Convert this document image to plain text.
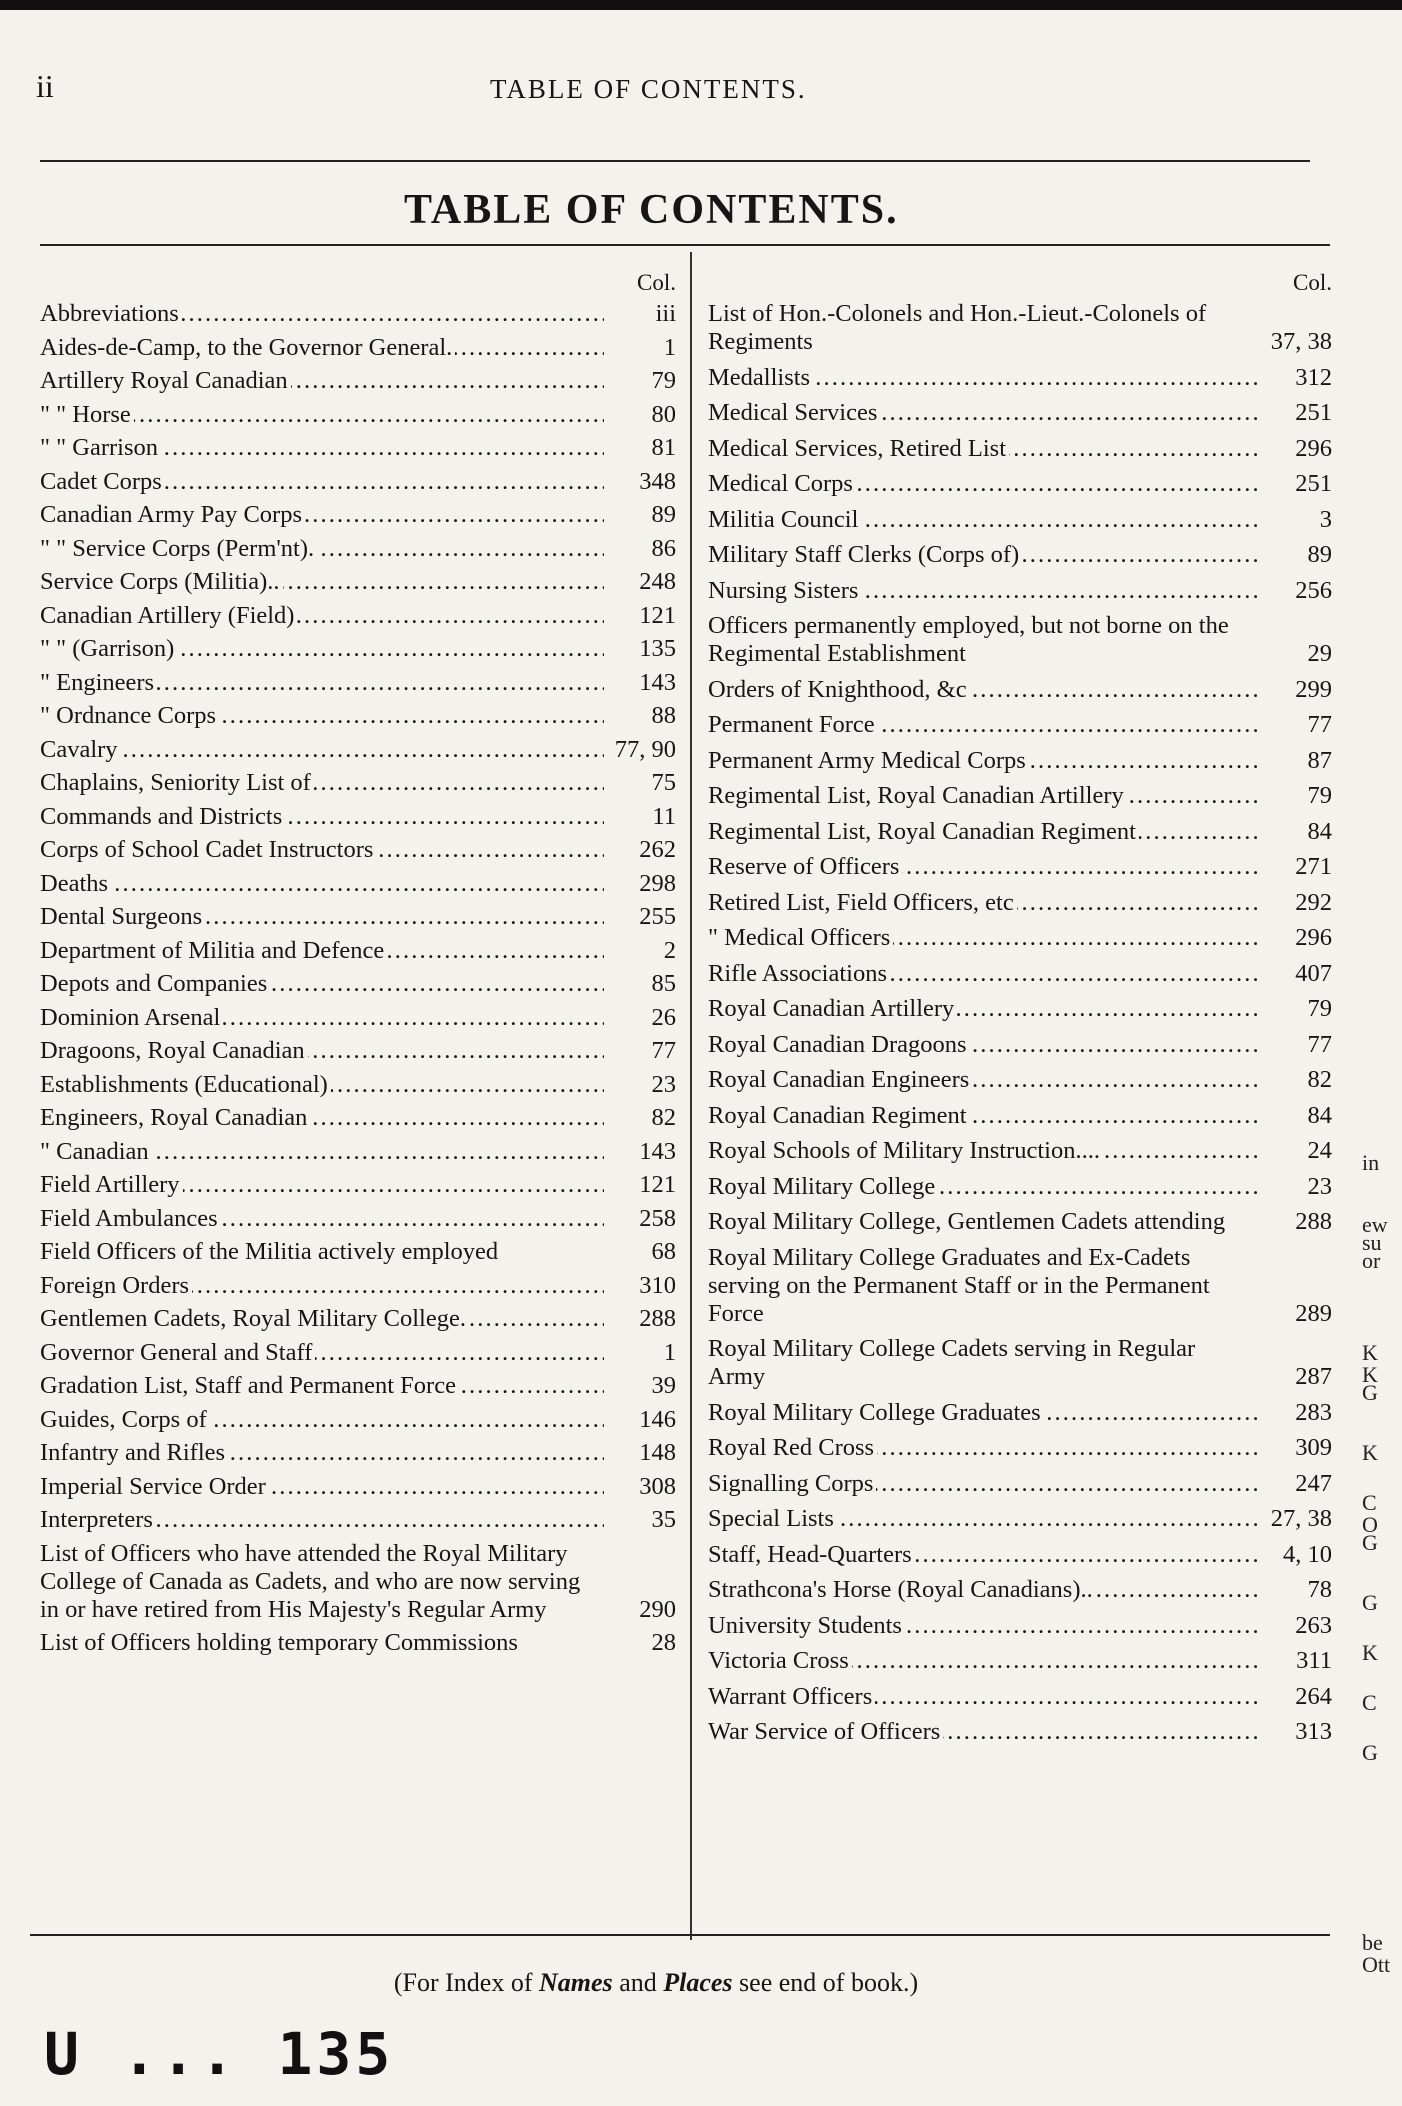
ii	TABLE OF CONTENTS.
TABLE OF CONTENTS.
Col.
Abbreviations . . .	iii
Aides-de-Camp, to the Governor General. . . .	1
Artillery Royal Canadian . . .	79
" " Horse . . .	80
" " Garrison . . .	81
Cadet Corps . . .	348
Canadian Army Pay Corps . . .	89
" " Service Corps (Perm'nt). . . .	86
Service Corps (Militia).. . . .	248
Canadian Artillery (Field) . . .	121
" " (Garrison) . . .	135
" Engineers . . .	143
" Ordnance Corps . . .	88
Cavalry . . .	77, 90
Chaplains, Seniority List of . . .	75
Commands and Districts . . .	11
Corps of School Cadet Instructors . . .	262
Deaths . . .	298
Dental Surgeons . . .	255
Department of Militia and Defence . . .	2
Depots and Companies . . .	85
Dominion Arsenal . . .	26
Dragoons, Royal Canadian . . .	77
Establishments (Educational) . . .	23
Engineers, Royal Canadian . . .	82
" Canadian . . .	143
Field Artillery . . .	121
Field Ambulances . . .	258
Field Officers of the Militia actively employed	68
Foreign Orders . . .	310
Gentlemen Cadets, Royal Military College. . . .	288
Governor General and Staff . . .	1
Gradation List, Staff and Permanent Force . . .	39
Guides, Corps of . . .	146
Infantry and Rifles . . .	148
Imperial Service Order . . .	308
Interpreters . . .	35
List of Officers who have attended the Royal Military College of Canada as Cadets, and who are now serving in or have retired from His Majesty's Regular Army	290
List of Officers holding temporary Commissions	28
Col.
List of Hon.-Colonels and Hon.-Lieut.-Colonels of Regiments	37, 38
Medallists . . .	312
Medical Services . . .	251
Medical Services, Retired List . . .	296
Medical Corps . . .	251
Militia Council . . .	3
Military Staff Clerks (Corps of) . . .	89
Nursing Sisters . . .	256
Officers permanently employed, but not borne on the Regimental Establishment	29
Orders of Knighthood, &c . . .	299
Permanent Force . . .	77
Permanent Army Medical Corps . . .	87
Regimental List, Royal Canadian Artillery . . .	79
Regimental List, Royal Canadian Regiment . . .	84
Reserve of Officers . . .	271
Retired List, Field Officers, etc . . .	292
" Medical Officers . . .	296
Rifle Associations . . .	407
Royal Canadian Artillery . . .	79
Royal Canadian Dragoons . . .	77
Royal Canadian Engineers . . .	82
Royal Canadian Regiment . . .	84
Royal Schools of Military Instruction.... . . .	24
Royal Military College . . .	23
Royal Military College, Gentlemen Cadets attending	288
Royal Military College Graduates and Ex-Cadets serving on the Permanent Staff or in the Permanent Force	289
Royal Military College Cadets serving in Regular Army	287
Royal Military College Graduates . . .	283
Royal Red Cross . . .	309
Signalling Corps . . .	247
Special Lists . . .	27, 38
Staff, Head-Quarters . . .	4, 10
Strathcona's Horse (Royal Canadians).. . . .	78
University Students . . .	263
Victoria Cross . . .	311
Warrant Officers . . .	264
War Service of Officers . . .	313
(For Index of Names and Places see end of book.)
U ... 135
in
ew
su
or
K
K
G
K
C
O
G
G
K
C
G
be
Ott
